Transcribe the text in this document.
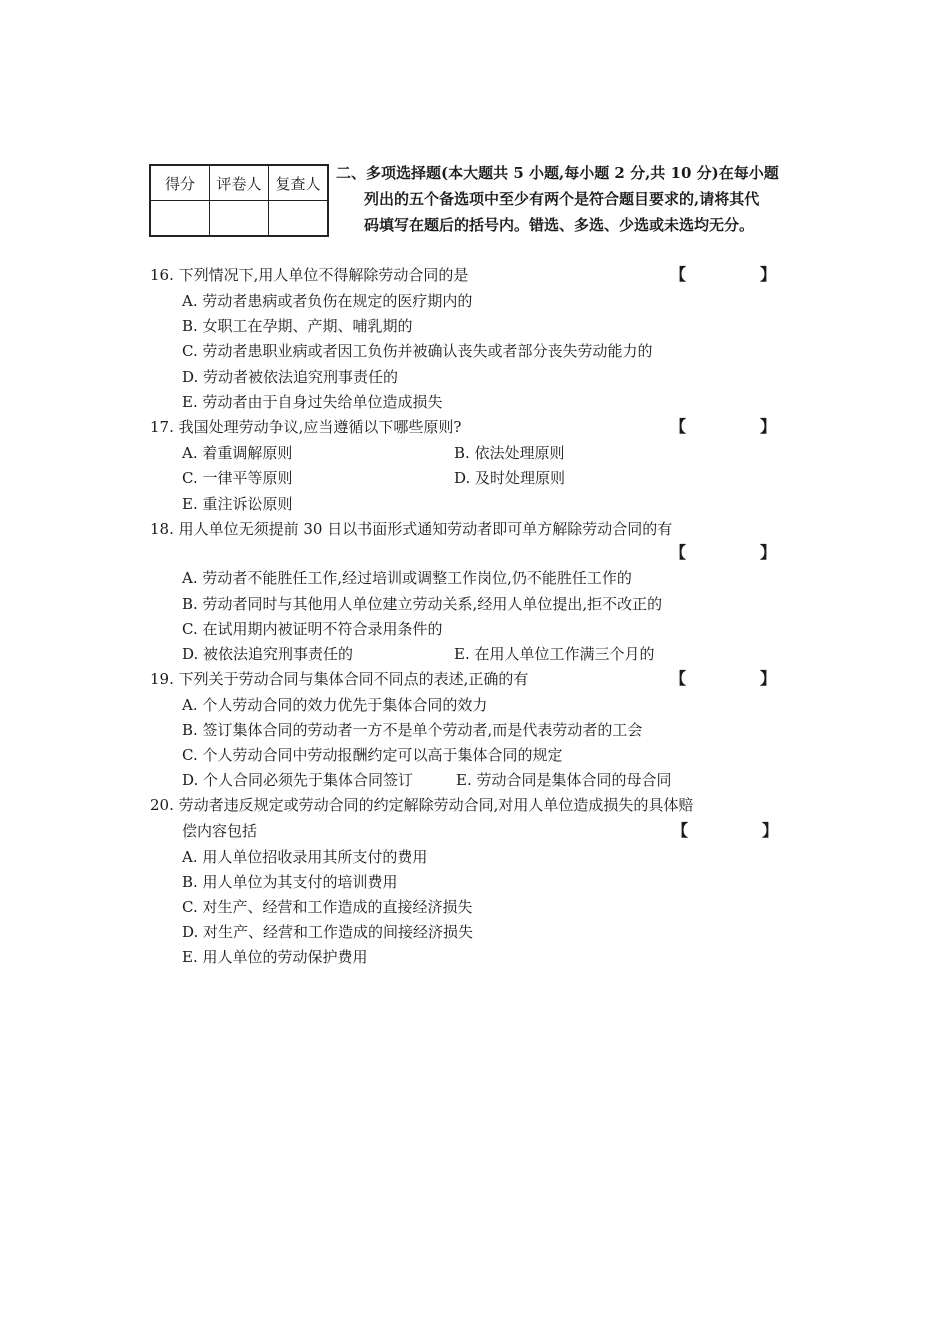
得分	评卷人	复查人

二、多项选择题(本大题共 5 小题,每小题 2 分,共 10 分)在每小题

列出的五个备选项中至少有两个是符合题目要求的,请将其代
码填写在题后的括号内。错选、多选、少选或未选均无分。
16. 下列情况下,用人单位不得解除劳动合同的是	【	】
A. 劳动者患病或者负伤在规定的医疗期内的
B. 女职工在孕期、产期、哺乳期的
C. 劳动者患职业病或者因工负伤并被确认丧失或者部分丧失劳动能力的
D. 劳动者被依法追究刑事责任的
E. 劳动者由于自身过失给单位造成损失
17. 我国处理劳动争议,应当遵循以下哪些原则?	【	】
A. 着重调解原则	B. 依法处理原则
C. 一律平等原则	D. 及时处理原则
E. 重注诉讼原则
18. 用人单位无须提前 30 日以书面形式通知劳动者即可单方解除劳动合同的有
【	】
A. 劳动者不能胜任工作,经过培训或调整工作岗位,仍不能胜任工作的
B. 劳动者同时与其他用人单位建立劳动关系,经用人单位提出,拒不改正的
C. 在试用期内被证明不符合录用条件的
D. 被依法追究刑事责任的	E. 在用人单位工作满三个月的
19. 下列关于劳动合同与集体合同不同点的表述,正确的有	【	】
A. 个人劳动合同的效力优先于集体合同的效力
B. 签订集体合同的劳动者一方不是单个劳动者,而是代表劳动者的工会
C. 个人劳动合同中劳动报酬约定可以高于集体合同的规定
D. 个人合同必须先于集体合同签订	E. 劳动合同是集体合同的母合同
20. 劳动者违反规定或劳动合同的约定解除劳动合同,对用人单位造成损失的具体赔
偿内容包括	【	】
A. 用人单位招收录用其所支付的费用
B. 用人单位为其支付的培训费用
C. 对生产、经营和工作造成的直接经济损失
D. 对生产、经营和工作造成的间接经济损失
E. 用人单位的劳动保护费用
